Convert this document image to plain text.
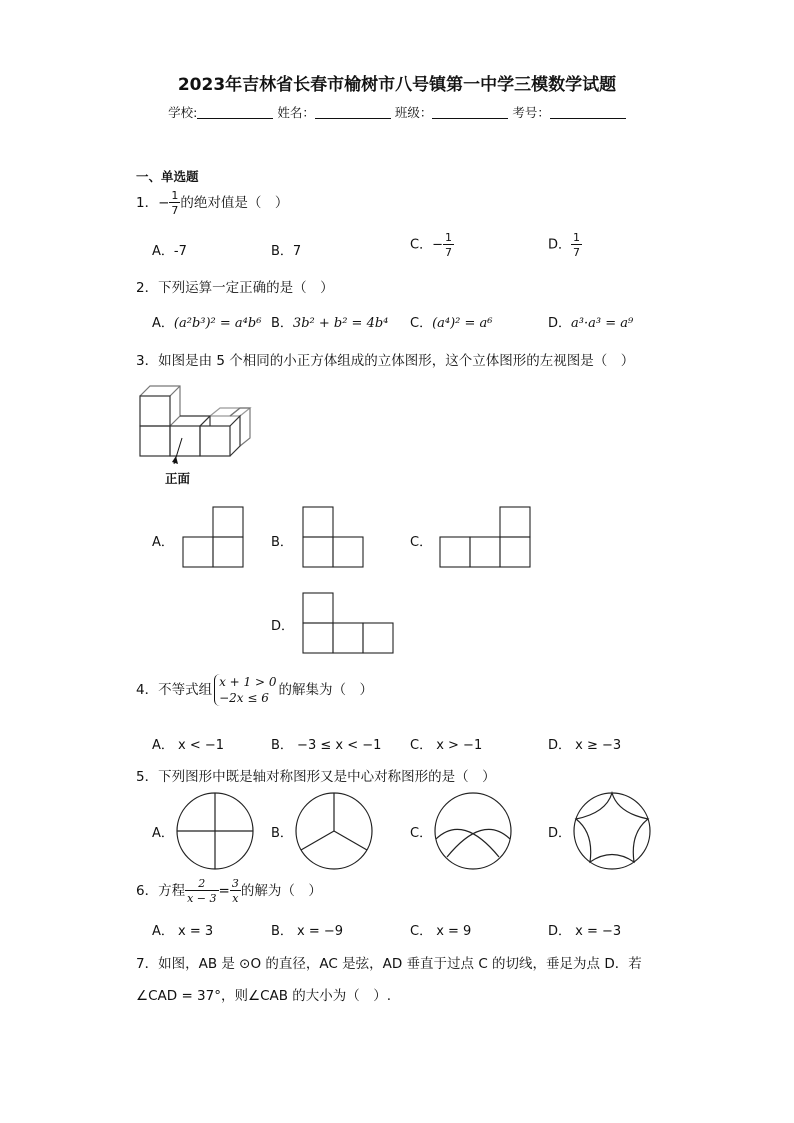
2023年吉林省长春市榆树市八号镇第一中学三模数学试题
学校:	姓名：	班级：	考号：
一、单选题
1．− $\frac{1}{7}$ 的绝对值是（　）
A．-7	B．7	C．− $\frac{1}{7}$	D． $\frac{1}{7}$
2．下列运算一定正确的是（　）
A．(a²b³)² = a⁴b⁶ B．3b² + b² = 4b⁴ C．(a⁴)² = a⁶	D．a³·a³ = a⁹
3．如图是由 5 个相同的小正方体组成的立体图形，这个立体图形的左视图是（　）
正面
A．	B．	C．
D．
4．不等式组
x + 1 > 0
−2x ≤ 6 的解集为（　）
A． x < −1	B． −3 ≤ x < −1 C． x > −1	D． x ≥ −3
5．下列图形中既是轴对称图形又是中心对称图形的是（　）
A．	B．	C．	D．
6．方程 $\frac{2}{x - 3} = \frac{3}{x}$ 的解为（　）
A． x = 3	B． x = −9	C． x = 9	D． x = −3
7．如图，AB 是 ⊙O 的直径，AC 是弦，AD 垂直于过点 C 的切线，垂足为点 D．若
∠CAD = 37°，则∠CAB 的大小为（　）.
